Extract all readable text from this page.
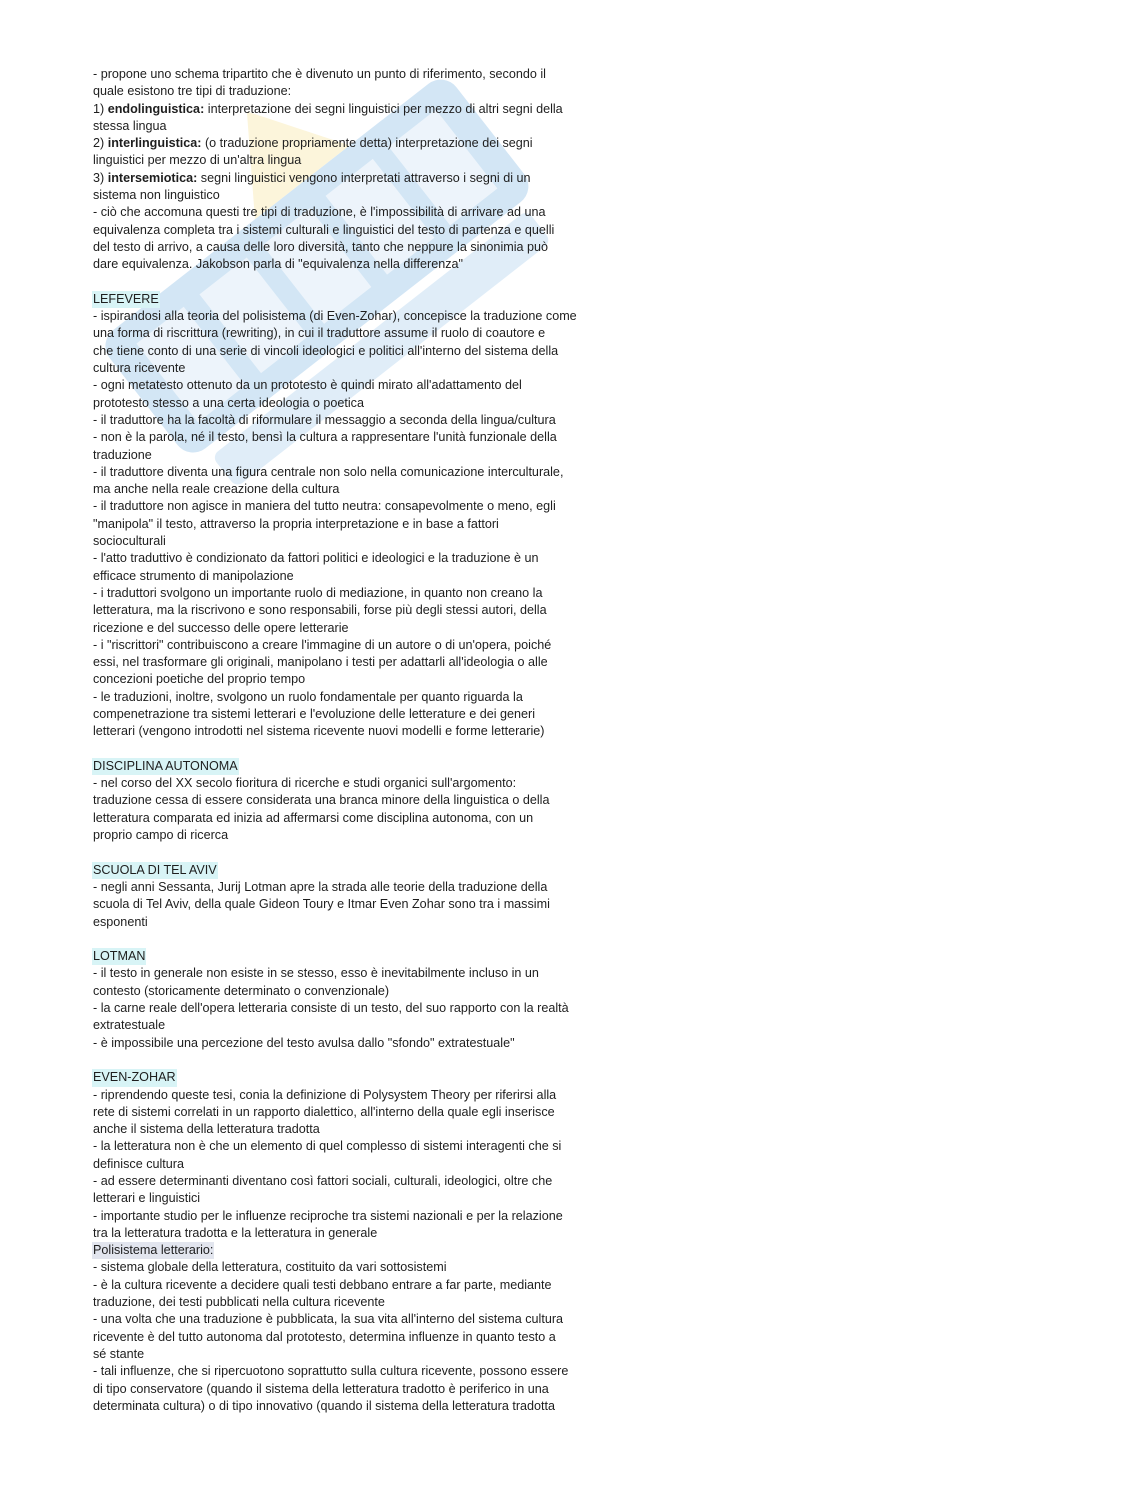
- propone uno schema tripartito che è divenuto un punto di riferimento, secondo il
quale esistono tre tipi di traduzione:
1) endolinguistica: interpretazione dei segni linguistici per mezzo di altri segni della
stessa lingua
2) interlinguistica: (o traduzione propriamente detta) interpretazione dei segni
linguistici per mezzo di un'altra lingua
3) intersemiotica: segni linguistici vengono interpretati attraverso i segni di un
sistema non linguistico
- ciò che accomuna questi tre tipi di traduzione, è l'impossibilità di arrivare ad una
equivalenza completa tra i sistemi culturali e linguistici del testo di partenza e quelli
del testo di arrivo, a causa delle loro diversità, tanto che neppure la sinonimia può
dare equivalenza. Jakobson parla di "equivalenza nella differenza"
LEFEVERE
- ispirandosi alla teoria del polisistema (di Even-Zohar), concepisce la traduzione come
una forma di riscrittura (rewriting), in cui il traduttore assume il ruolo di coautore e
che tiene conto di una serie di vincoli ideologici e politici all'interno del sistema della
cultura ricevente
- ogni metatesto ottenuto da un prototesto è quindi mirato all'adattamento del
prototesto stesso a una certa ideologia o poetica
- il traduttore ha la facoltà di riformulare il messaggio a seconda della lingua/cultura
- non è la parola, né il testo, bensì la cultura a rappresentare l'unità funzionale della
traduzione
- il traduttore diventa una figura centrale non solo nella comunicazione interculturale,
ma anche nella reale creazione della cultura
- il traduttore non agisce in maniera del tutto neutra: consapevolmente o meno, egli
"manipola" il testo, attraverso la propria interpretazione e in base a fattori
socioculturali
- l'atto traduttivo è condizionato da fattori politici e ideologici e la traduzione è un
efficace strumento di manipolazione
- i traduttori svolgono un importante ruolo di mediazione, in quanto non creano la
letteratura, ma la riscrivono e sono responsabili, forse più degli stessi autori, della
ricezione e del successo delle opere letterarie
- i "riscrittori" contribuiscono a creare l'immagine di un autore o di un'opera, poiché
essi, nel trasformare gli originali, manipolano i testi per adattarli all'ideologia o alle
concezioni poetiche del proprio tempo
- le traduzioni, inoltre, svolgono un ruolo fondamentale per quanto riguarda la
compenetrazione tra sistemi letterari e l'evoluzione delle letterature e dei generi
letterari (vengono introdotti nel sistema ricevente nuovi modelli e forme letterarie)
DISCIPLINA AUTONOMA
- nel corso del XX secolo fioritura di ricerche e studi organici sull'argomento:
traduzione cessa di essere considerata una branca minore della linguistica o della
letteratura comparata ed inizia ad affermarsi come disciplina autonoma, con un
proprio campo di ricerca
SCUOLA DI TEL AVIV
- negli anni Sessanta, Jurij Lotman apre la strada alle teorie della traduzione della
scuola di Tel Aviv, della quale Gideon Toury e Itmar Even Zohar sono tra i massimi
esponenti
LOTMAN
- il testo in generale non esiste in se stesso, esso è inevitabilmente incluso in un
contesto (storicamente determinato o convenzionale)
- la carne reale dell'opera letteraria consiste di un testo, del suo rapporto con la realtà
extratestuale
- è impossibile una percezione del testo avulsa dallo "sfondo" extratestuale"
EVEN-ZOHAR
- riprendendo queste tesi, conia la definizione di Polysystem Theory per riferirsi alla
rete di sistemi correlati in un rapporto dialettico, all'interno della quale egli inserisce
anche il sistema della letteratura tradotta
- la letteratura non è che un elemento di quel complesso di sistemi interagenti che si
definisce cultura
- ad essere determinanti diventano così fattori sociali, culturali, ideologici, oltre che
letterari e linguistici
- importante studio per le influenze reciproche tra sistemi nazionali e per la relazione
tra la letteratura tradotta e la letteratura in generale
Polisistema letterario:
- sistema globale della letteratura, costituito da vari sottosistemi
- è la cultura ricevente a decidere quali testi debbano entrare a far parte, mediante
traduzione, dei testi pubblicati nella cultura ricevente
- una volta che una traduzione è pubblicata, la sua vita all'interno del sistema cultura
ricevente è del tutto autonoma dal prototesto, determina influenze in quanto testo a
sé stante
- tali influenze, che si ripercuotono soprattutto sulla cultura ricevente, possono essere
di tipo conservatore (quando il sistema della letteratura tradotto è periferico in una
determinata cultura) o di tipo innovativo (quando il sistema della letteratura tradotta
